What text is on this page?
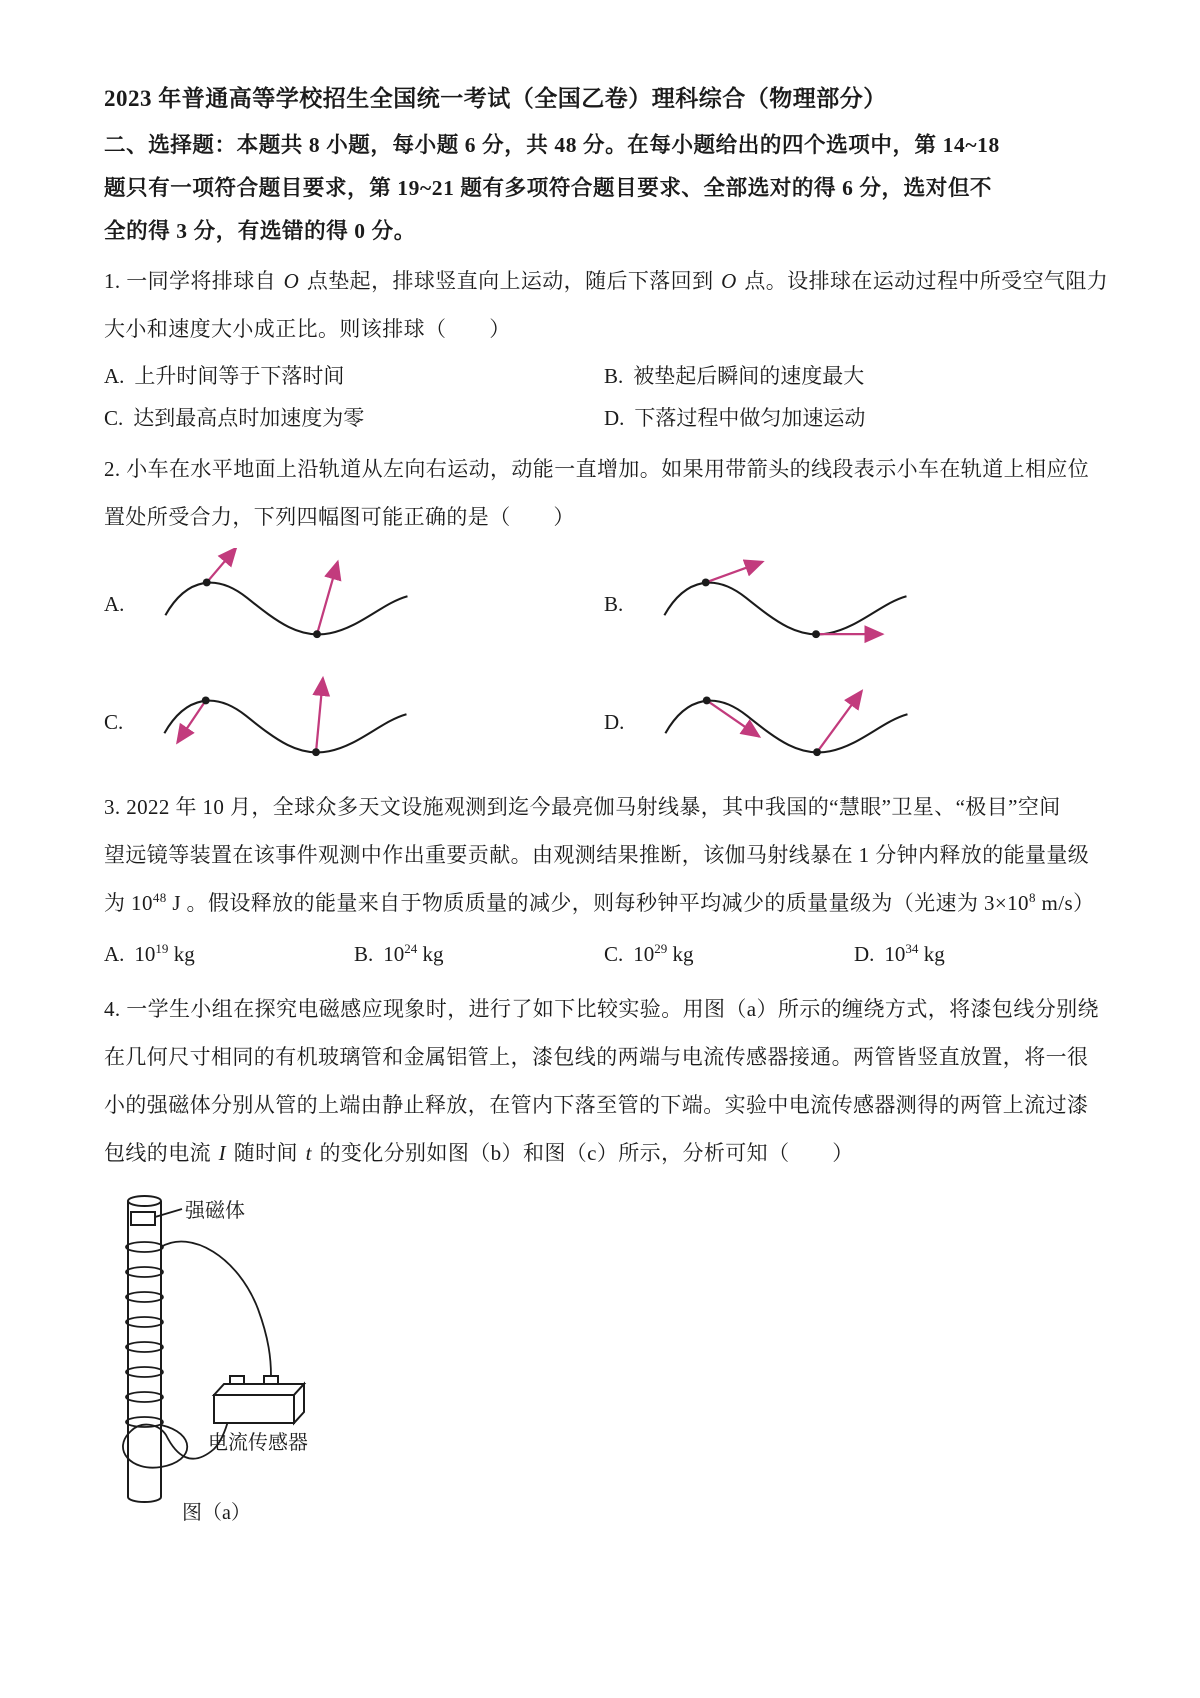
2023 年普通高等学校招生全国统一考试（全国乙卷）理科综合（物理部分）
二、选择题：本题共 8 小题，每小题 6 分，共 48 分。在每小题给出的四个选项中，第 14~18
题只有一项符合题目要求，第 19~21 题有多项符合题目要求、全部选对的得 6 分，选对但不
全的得 3 分，有选错的得 0 分。
1. 一同学将排球自 O 点垫起，排球竖直向上运动，随后下落回到 O 点。设排球在运动过程中所受空气阻力
大小和速度大小成正比。则该排球（　　）
A. 上升时间等于下落时间	B. 被垫起后瞬间的速度最大
C. 达到最高点时加速度为零	D. 下落过程中做匀加速运动
2. 小车在水平地面上沿轨道从左向右运动，动能一直增加。如果用带箭头的线段表示小车在轨道上相应位
置处所受合力，下列四幅图可能正确的是（　　）
A.	B.
C.	D.
3. 2022 年 10 月，全球众多天文设施观测到迄今最亮伽马射线暴，其中我国的“慧眼”卫星、“极目”空间
望远镜等装置在该事件观测中作出重要贡献。由观测结果推断，该伽马射线暴在 1 分钟内释放的能量量级
为 $10^{48}$ J 。假设释放的能量来自于物质质量的减少，则每秒钟平均减少的质量量级为（光速为 $3\times 10^8$ m/s）
A. $10^{19}$ kg	B. $10^{24}$ kg	C. $10^{29}$ kg	D. $10^{34}$ kg
4. 一学生小组在探究电磁感应现象时，进行了如下比较实验。用图（a）所示的缠绕方式，将漆包线分别绕
在几何尺寸相同的有机玻璃管和金属铝管上，漆包线的两端与电流传感器接通。两管皆竖直放置，将一很
小的强磁体分别从管的上端由静止释放，在管内下落至管的下端。实验中电流传感器测得的两管上流过漆
包线的电流 I 随时间 t 的变化分别如图（b）和图（c）所示，分析可知（　　）
强磁体
电流传感器
图（a）
